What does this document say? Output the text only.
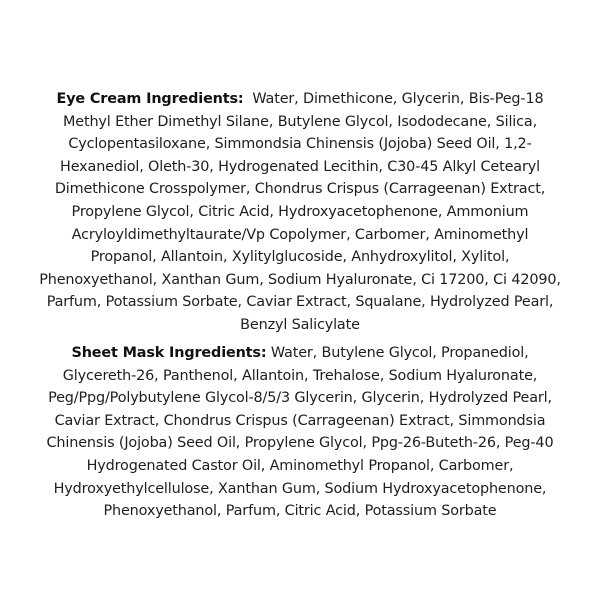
Eye Cream Ingredients: Water, Dimethicone, Glycerin, Bis-Peg-18
Methyl Ether Dimethyl Silane, Butylene Glycol, Isododecane, Silica,
Cyclopentasiloxane, Simmondsia Chinensis (Jojoba) Seed Oil, 1,2-
Hexanediol, Oleth-30, Hydrogenated Lecithin, C30-45 Alkyl Cetearyl
Dimethicone Crosspolymer, Chondrus Crispus (Carrageenan) Extract,
Propylene Glycol, Citric Acid, Hydroxyacetophenone, Ammonium
Acryloyldimethyltaurate/Vp Copolymer, Carbomer, Aminomethyl
Propanol, Allantoin, Xylitylglucoside, Anhydroxylitol, Xylitol,
Phenoxyethanol, Xanthan Gum, Sodium Hyaluronate, Ci 17200, Ci 42090,
Parfum, Potassium Sorbate, Caviar Extract, Squalane, Hydrolyzed Pearl,
Benzyl Salicylate
Sheet Mask Ingredients: Water, Butylene Glycol, Propanediol,
Glycereth-26, Panthenol, Allantoin, Trehalose, Sodium Hyaluronate,
Peg/Ppg/Polybutylene Glycol-8/5/3 Glycerin, Glycerin, Hydrolyzed Pearl,
Caviar Extract, Chondrus Crispus (Carrageenan) Extract, Simmondsia
Chinensis (Jojoba) Seed Oil, Propylene Glycol, Ppg-26-Buteth-26, Peg-40
Hydrogenated Castor Oil, Aminomethyl Propanol, Carbomer,
Hydroxyethylcellulose, Xanthan Gum, Sodium Hydroxyacetophenone,
Phenoxyethanol, Parfum, Citric Acid, Potassium Sorbate
